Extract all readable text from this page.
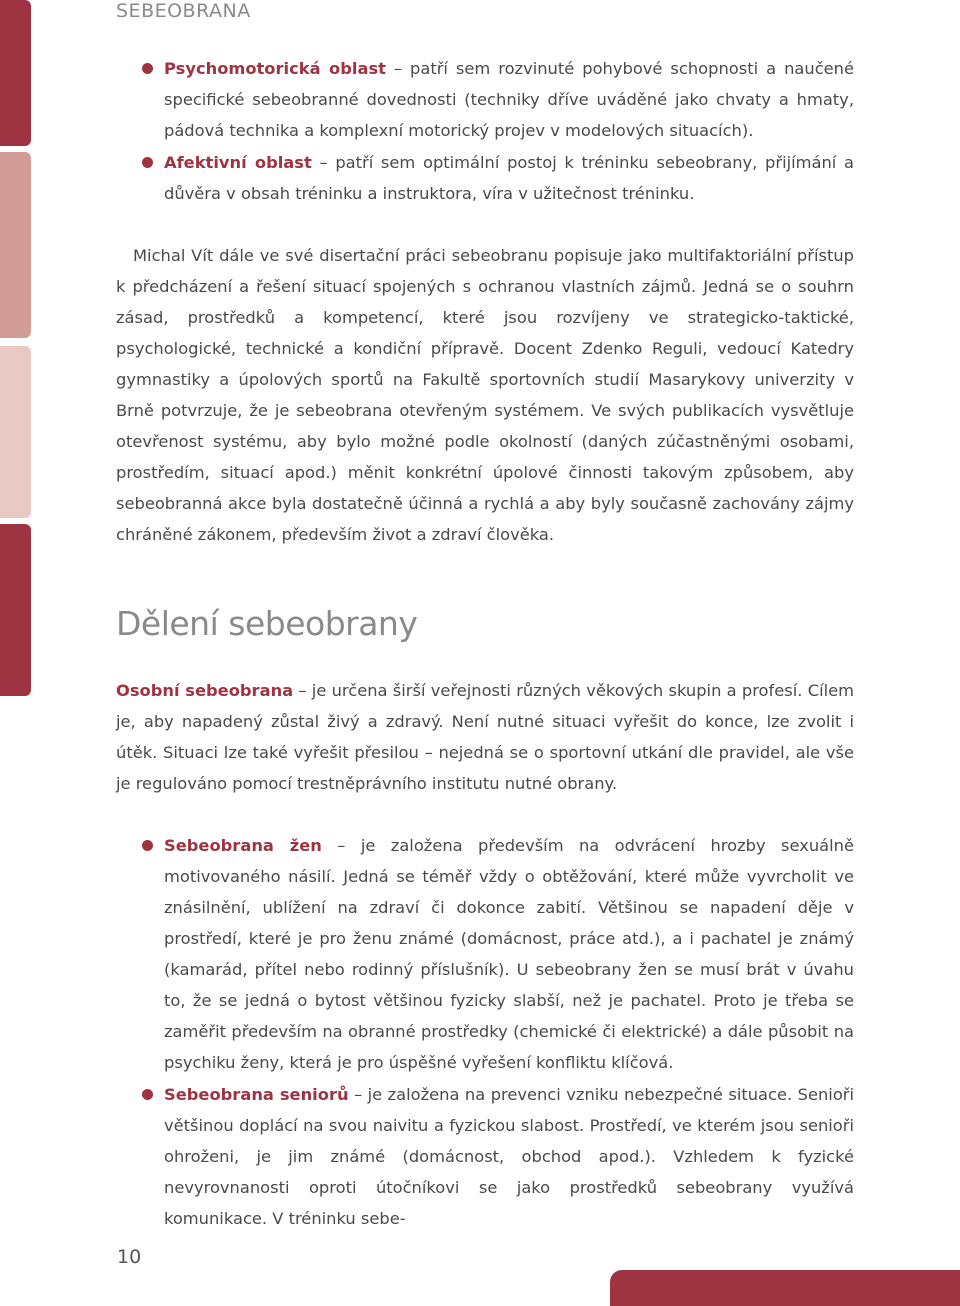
SEBEOBRANA
Psychomotorická oblast – patří sem rozvinuté pohybové schopnosti a naučené specifické sebeobranné dovednosti (techniky dříve uváděné jako chvaty a hmaty, pádová technika a komplexní motorický projev v modelových situacích).
Afektivní oblast – patří sem optimální postoj k tréninku sebeobrany, přijímání a důvěra v obsah tréninku a instruktora, víra v užitečnost tréninku.
Michal Vít dále ve své disertační práci sebeobranu popisuje jako multifaktoriální přístup k předcházení a řešení situací spojených s ochranou vlastních zájmů. Jedná se o souhrn zásad, prostředků a kompetencí, které jsou rozvíjeny ve strategicko-taktické, psychologické, technické a kondiční přípravě. Docent Zdenko Reguli, vedoucí Katedry gymnastiky a úpolových sportů na Fakultě sportovních studií Masarykovy univerzity v Brně potvrzuje, že je sebeobrana otevřeným systémem. Ve svých publikacích vysvětluje otevřenost systému, aby bylo možné podle okolností (daných zúčastněnými osobami, prostředím, situací apod.) měnit konkrétní úpolové činnosti takovým způsobem, aby sebeobranná akce byla dostatečně účinná a rychlá a aby byly současně zachovány zájmy chráněné zákonem, především život a zdraví člověka.
Dělení sebeobrany
Osobní sebeobrana – je určena širší veřejnosti různých věkových skupin a profesí. Cílem je, aby napadený zůstal živý a zdravý. Není nutné situaci vyřešit do konce, lze zvolit i útěk. Situaci lze také vyřešit přesilou – nejedná se o sportovní utkání dle pravidel, ale vše je regulováno pomocí trestněprávního institutu nutné obrany.
Sebeobrana žen – je založena především na odvrácení hrozby sexuálně motivovaného násilí. Jedná se téměř vždy o obtěžování, které může vyvrcholit ve znásilnění, ublížení na zdraví či dokonce zabití. Většinou se napadení děje v prostředí, které je pro ženu známé (domácnost, práce atd.), a i pachatel je známý (kamarád, přítel nebo rodinný příslušník). U sebeobrany žen se musí brát v úvahu to, že se jedná o bytost většinou fyzicky slabší, než je pachatel. Proto je třeba se zaměřit především na obranné prostředky (chemické či elektrické) a dále působit na psychiku ženy, která je pro úspěšné vyřešení konfliktu klíčová.
Sebeobrana seniorů – je založena na prevenci vzniku nebezpečné situace. Senioři většinou doplácí na svou naivitu a fyzickou slabost. Prostředí, ve kterém jsou senioři ohroženi, je jim známé (domácnost, obchod apod.). Vzhledem k fyzické nevyrovnanosti oproti útočníkovi se jako prostředků sebeobrany využívá komunikace. V tréninku sebe-
10
